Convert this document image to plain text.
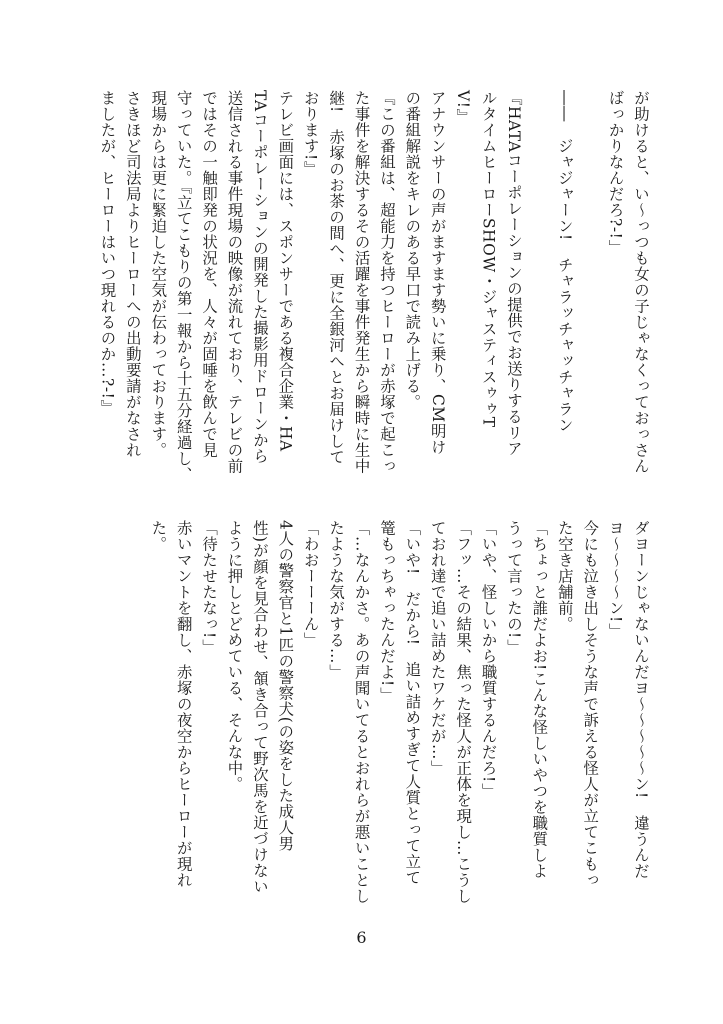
が助けると、い～っつも女の子じゃなくっておっさん
ばっかりなんだろ?-!」

――　ジャジャーン!　チャラッチャッチャラン

『HATAコーポレーションの提供でお送りするリア
ルタイムヒーローSHOW・ジャスティスゥゥT
V!』
アナウンサーの声がますます勢いに乗り、CM明け
の番組解説をキレのある早口で読み上げる。
『この番組は、超能力を持つヒーローが赤塚で起こっ
た事件を解決するその活躍を事件発生から瞬時に生中
継!　赤塚のお茶の間へ、更に全銀河へとお届けして
おります!』
テレビ画面には、スポンサーである複合企業・HA
TAコーポレーションの開発した撮影用ドローンから
送信される事件現場の映像が流れており、テレビの前
ではその一触即発の状況を、人々が固唾を飲んで見
守っていた。『立てこもりの第一報から十五分経過し、
現場からは更に緊迫した空気が伝わっております。
さきほど司法局よりヒーローへの出動要請がなされ
ましたが、ヒーローはいつ現れるのか…?-!』
ダヨーンじゃないんだヨ～～～～～ン!　違うんだ
ヨ～～～～ン!」
今にも泣き出しそうな声で訴える怪人が立てこもっ
た空き店舗前。
「ちょっと誰だよお!こんな怪しいやつを職質しよ
うって言ったの!」
「いや、怪しいから職質するんだろ!」
「フッ…その結果、焦った怪人が正体を現し…こうし
ておれ達で追い詰めたワケだが…」
「いや!　だから!　追い詰めすぎて人質とって立て
篭もっちゃったんだよ!」
「…なんかさ。あの声聞いてるとおれらが悪いことし
たような気がする…」
「わおーーーん」
4人の警察官と1匹の警察犬(の姿をした成人男
性)が顔を見合わせ、頷き合って野次馬を近づけない
ように押しとどめている、そんな中。
「待たせたなっ!」
赤いマントを翻し、赤塚の夜空からヒーローが現れ
た。
6
